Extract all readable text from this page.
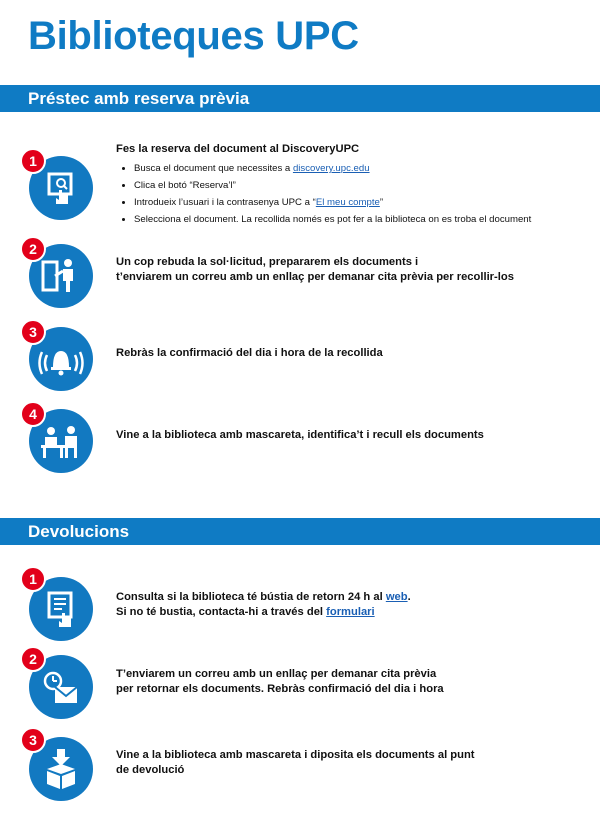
Biblioteques UPC
Préstec amb reserva prèvia
1

Fes la reserva del document al DiscoveryUPC

• Busca el document que necessites a discovery.upc.edu
• Clica el botó “Reserva’l”
• Introdueix l’usuari i la contrasenya UPC a “El meu compte”
• Selecciona el document. La recollida només es pot fer a la biblioteca on es troba el document
2
Un cop rebuda la sol·licitud, prepararem els documents i
t’enviarem un correu amb un enllaç per demanar cita prèvia per recollir-los
3
Rebràs la confirmació del dia i hora de la recollida
4
Vine a la biblioteca amb mascareta, identifica’t i recull els documents
Devolucions
1
Consulta si la biblioteca té bústia de retorn 24 h al web.
Si no té bustia, contacta-hi a través del formulari
2
T’enviarem un correu amb un enllaç per demanar cita prèvia
per retornar els documents. Rebràs confirmació del dia i hora
3
Vine a la biblioteca amb mascareta i diposita els documents al punt
de devolució
